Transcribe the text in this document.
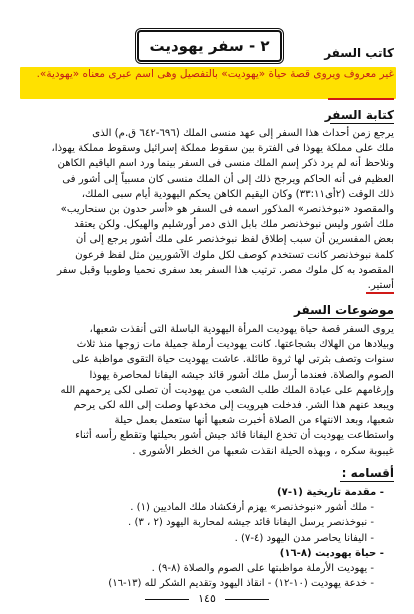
٢ - سفر يهوديت	كاتب السفر
غير معروف ويروى قصة حياة «يهوديت» بالتفصيل وهى اسم عبرى معناه «يهودية».
كتابة السفر
يرجع زمن أحداث هذا السفر إلى عهد منسى الملك (٦٩٦-٦٤٢ ق.م) الذى
ملك على مملكة يهوذا فى الفترة بين سقوط مملكة إسرائيل وسقوط مملكة يهوذا،
ونلاحظ أنه لم يرد ذكر إسم الملك منسى فى السفر بينما ورد اسم الياقيم الكاهن
العظيم فى أنه الحاكم ويرجح ذلك إلى أن الملك منسى كان مسبياً إلى أشور فى
ذلك الوقت (٢أى٣٣:١١) وكان اليقيم الكاهن يحكم اليهودية أيام سبى الملك،
والمقصود «نبوخذنصر» المذكور اسمه فى السفر هو «أسر حدون بن سنحاريب»
ملك أشور وليس نبوخذنصر ملك بابل الذى دمر أورشليم والهيكل. ولكن يعتقد
بعض المفسرين أن سبب إطلاق لفظ نبوخذنصر على ملك أشور يرجع إلى أن
كلمة نبوخذنصر كانت تستخدم كوصف لكل ملوك الآشوريين مثل لفظ فرعون
المقصود به كل ملوك مصر. ترتيب هذا السفر بعد سفرى نحميا وطوبيا وقبل سفر
أستير.
موضوعات السفر
يروى السفر قصة حياة يهوديت المرأة اليهودية الباسلة التى أنقذت شعبها،
وبيلادها من الهلاك بشجاعتها. كانت يهوديت أرملة جميلة مات زوجها منذ ثلاث
سنوات وتصف بثرتى لها ثروة طائلة. عاشت يهوديت حياة التقوى مواظبة على
الصوم والصلاة. فعندما أرسل ملك أشور قائد جيشه اليفانا لمحاصرة يهوذا
وإرغامهم على عبادة الملك طلب الشعب من يهوديت أن تصلى لكى يرحمهم الله
ويبعد عنهم هذا الشر. فدخلت هيرويت إلى مخدعها وصلت إلى الله لكى يرحم
شعبها، وبعد الانتهاء من الصلاة أخبرت شعبها أنها ستعمل بعمل حيلة
واستطاعت يهوديت أن تخدع اليفانا قائد جيش أشور بحيلتها وتقطع رأسه أثناء
غيبوبة سكره ، وبهذه الحيلة انقذت شعبها من الخطر الأشورى .
أقسامه :
- مقدمة تاريخية (١-٧)
- ملك أشور «نبوخذنصر» يهزم أرفكشاد ملك الماديين (١) .
- نبوخذنصر يرسل اليفانا قائد جيشه لمحاربة اليهود (٢ ، ٣) .
- اليفانا يحاصر مدن اليهود (٤-٧) .
- حياة يهوديت (٨-١٦)
- يهوديت الأرملة مواظبتها على الصوم والصلاة (٨-٩) .
- خدعة يهوديت (١٠-١٢) - انقاذ اليهود وتقديم الشكر لله (١٣-١٦)
١٤٥
